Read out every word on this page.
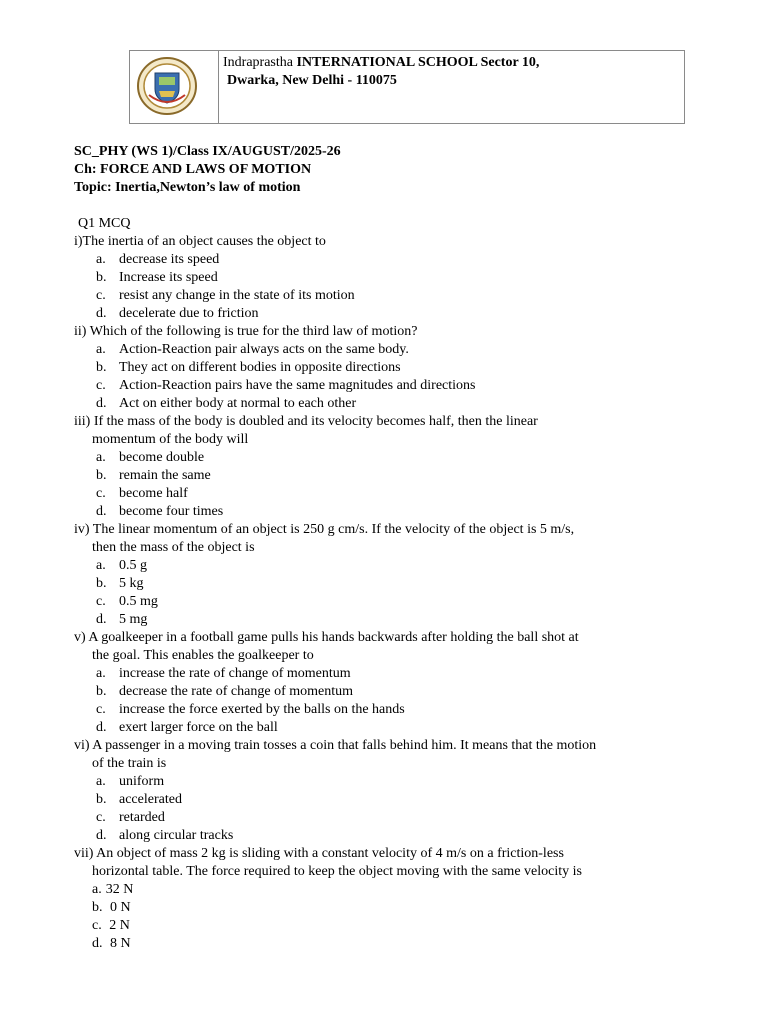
Indraprastha INTERNATIONAL SCHOOL Sector 10,
Dwarka, New Delhi - 110075
SC_PHY (WS 1)/Class IX/AUGUST/2025-26
Ch: FORCE AND LAWS OF MOTION
Topic: Inertia,Newton’s law of motion
Q1 MCQ
i)The inertia of an object causes the object to
a. decrease its speed
b. Increase its speed
c. resist any change in the state of its motion
d. decelerate due to friction
ii) Which of the following is true for the third law of motion?
a. Action-Reaction pair always acts on the same body.
b. They act on different bodies in opposite directions
c. Action-Reaction pairs have the same magnitudes and directions
d. Act on either body at normal to each other
iii) If the mass of the body is doubled and its velocity becomes half, then the linear
momentum of the body will
a. become double
b. remain the same
c. become half
d. become four times
iv) The linear momentum of an object is 250 g cm/s. If the velocity of the object is 5 m/s,
then the mass of the object is
a. 0.5 g
b. 5 kg
c. 0.5 mg
d. 5 mg
v) A goalkeeper in a football game pulls his hands backwards after holding the ball shot at
the goal. This enables the goalkeeper to
a. increase the rate of change of momentum
b. decrease the rate of change of momentum
c. increase the force exerted by the balls on the hands
d. exert larger force on the ball
vi) A passenger in a moving train tosses a coin that falls behind him. It means that the motion
of the train is
a. uniform
b. accelerated
c. retarded
d. along circular tracks
vii) An object of mass 2 kg is sliding with a constant velocity of 4 m/s on a friction-less
horizontal table. The force required to keep the object moving with the same velocity is
a. 32 N
b. 0 N
c. 2 N
d. 8 N
